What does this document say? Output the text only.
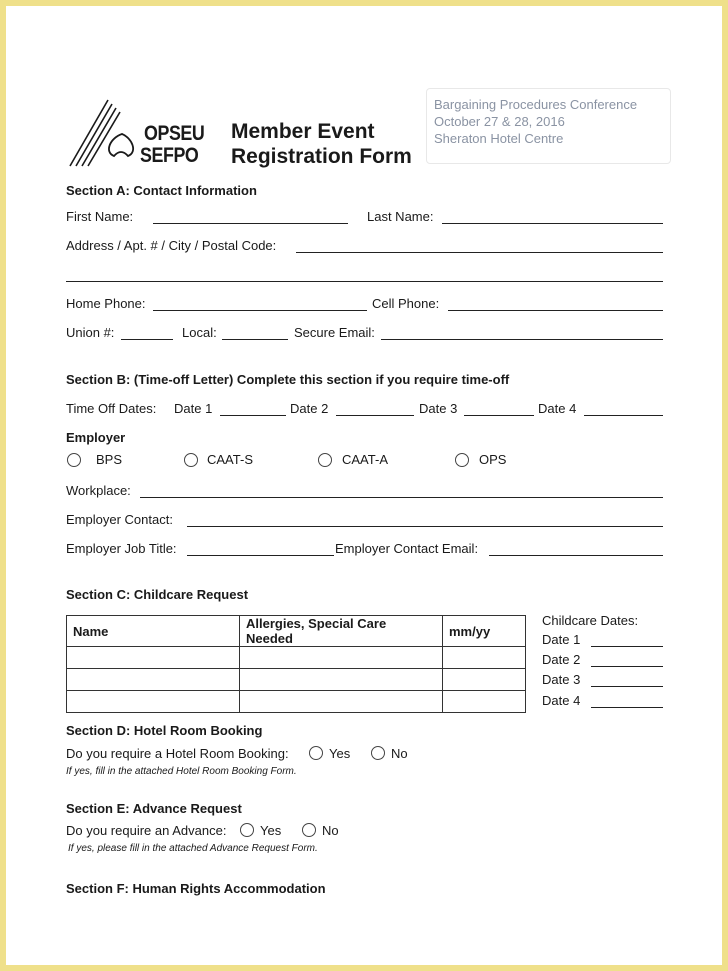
OPSEU
SEFPO
Member Event
Registration Form
Bargaining Procedures Conference
October 27 & 28, 2016
Sheraton Hotel Centre
Section A: Contact Information
First Name:	Last Name:
Address / Apt. # / City / Postal Code:
Home Phone:	Cell Phone:
Union #:	Local:	Secure Email:
Section B: (Time-off Letter) Complete this section if you require time-off
Time Off Dates: Date 1	Date 2	Date 3	Date 4
Employer
BPS	CAAT-S	CAAT-A	OPS
Workplace:
Employer Contact:
Employer Job Title:	Employer Contact Email:
Section C: Childcare Request
Name	Allergies, Special Care Needed	mm/yy

Childcare Dates:
Date 1
Date 2
Date 3
Date 4
Section D: Hotel Room Booking
Do you require a Hotel Room Booking:	Yes	No
If yes, fill in the attached Hotel Room Booking Form.
Section E: Advance Request
Do you require an Advance:	Yes	No
If yes, please fill in the attached Advance Request Form.
Section F: Human Rights Accommodation
